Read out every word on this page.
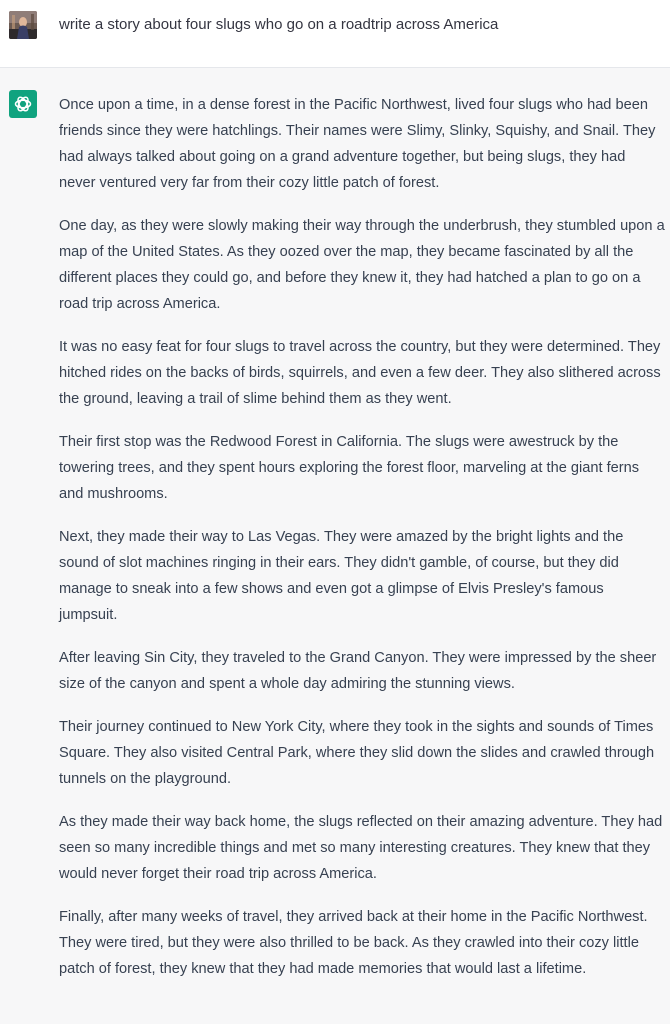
write a story about four slugs who go on a roadtrip across America

Once upon a time, in a dense forest in the Pacific Northwest, lived four slugs who had been friends since they were hatchlings. Their names were Slimy, Slinky, Squishy, and Snail. They had always talked about going on a grand adventure together, but being slugs, they had never ventured very far from their cozy little patch of forest.

One day, as they were slowly making their way through the underbrush, they stumbled upon a map of the United States. As they oozed over the map, they became fascinated by all the different places they could go, and before they knew it, they had hatched a plan to go on a road trip across America.

It was no easy feat for four slugs to travel across the country, but they were determined. They hitched rides on the backs of birds, squirrels, and even a few deer. They also slithered across the ground, leaving a trail of slime behind them as they went.

Their first stop was the Redwood Forest in California. The slugs were awestruck by the towering trees, and they spent hours exploring the forest floor, marveling at the giant ferns and mushrooms.

Next, they made their way to Las Vegas. They were amazed by the bright lights and the sound of slot machines ringing in their ears. They didn't gamble, of course, but they did manage to sneak into a few shows and even got a glimpse of Elvis Presley's famous jumpsuit.

After leaving Sin City, they traveled to the Grand Canyon. They were impressed by the sheer size of the canyon and spent a whole day admiring the stunning views.

Their journey continued to New York City, where they took in the sights and sounds of Times Square. They also visited Central Park, where they slid down the slides and crawled through tunnels on the playground.

As they made their way back home, the slugs reflected on their amazing adventure. They had seen so many incredible things and met so many interesting creatures. They knew that they would never forget their road trip across America.

Finally, after many weeks of travel, they arrived back at their home in the Pacific Northwest. They were tired, but they were also thrilled to be back. As they crawled into their cozy little patch of forest, they knew that they had made memories that would last a lifetime.
